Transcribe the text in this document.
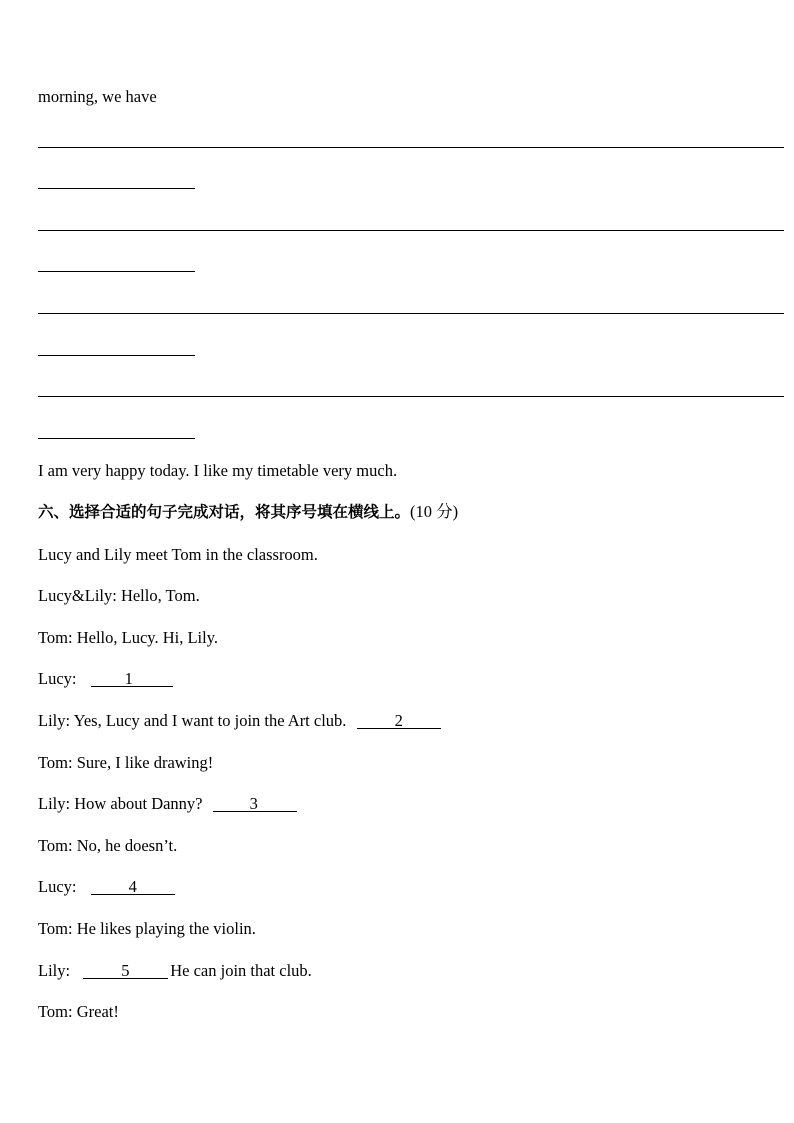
morning, we have
I am very happy today. I like my timetable very much.
六、选择合适的句子完成对话，将其序号填在横线上。(10 分)
Lucy and Lily meet Tom in the classroom.
Lucy&Lily: Hello, Tom.
Tom: Hello, Lucy. Hi, Lily.
Lucy:	1
Lily: Yes, Lucy and I want to join the Art club.	2
Tom: Sure, I like drawing!
Lily: How about Danny?	3
Tom: No, he doesn’t.
Lucy:	4
Tom: He likes playing the violin.
Lily:	5 He can join that club.
Tom: Great!
